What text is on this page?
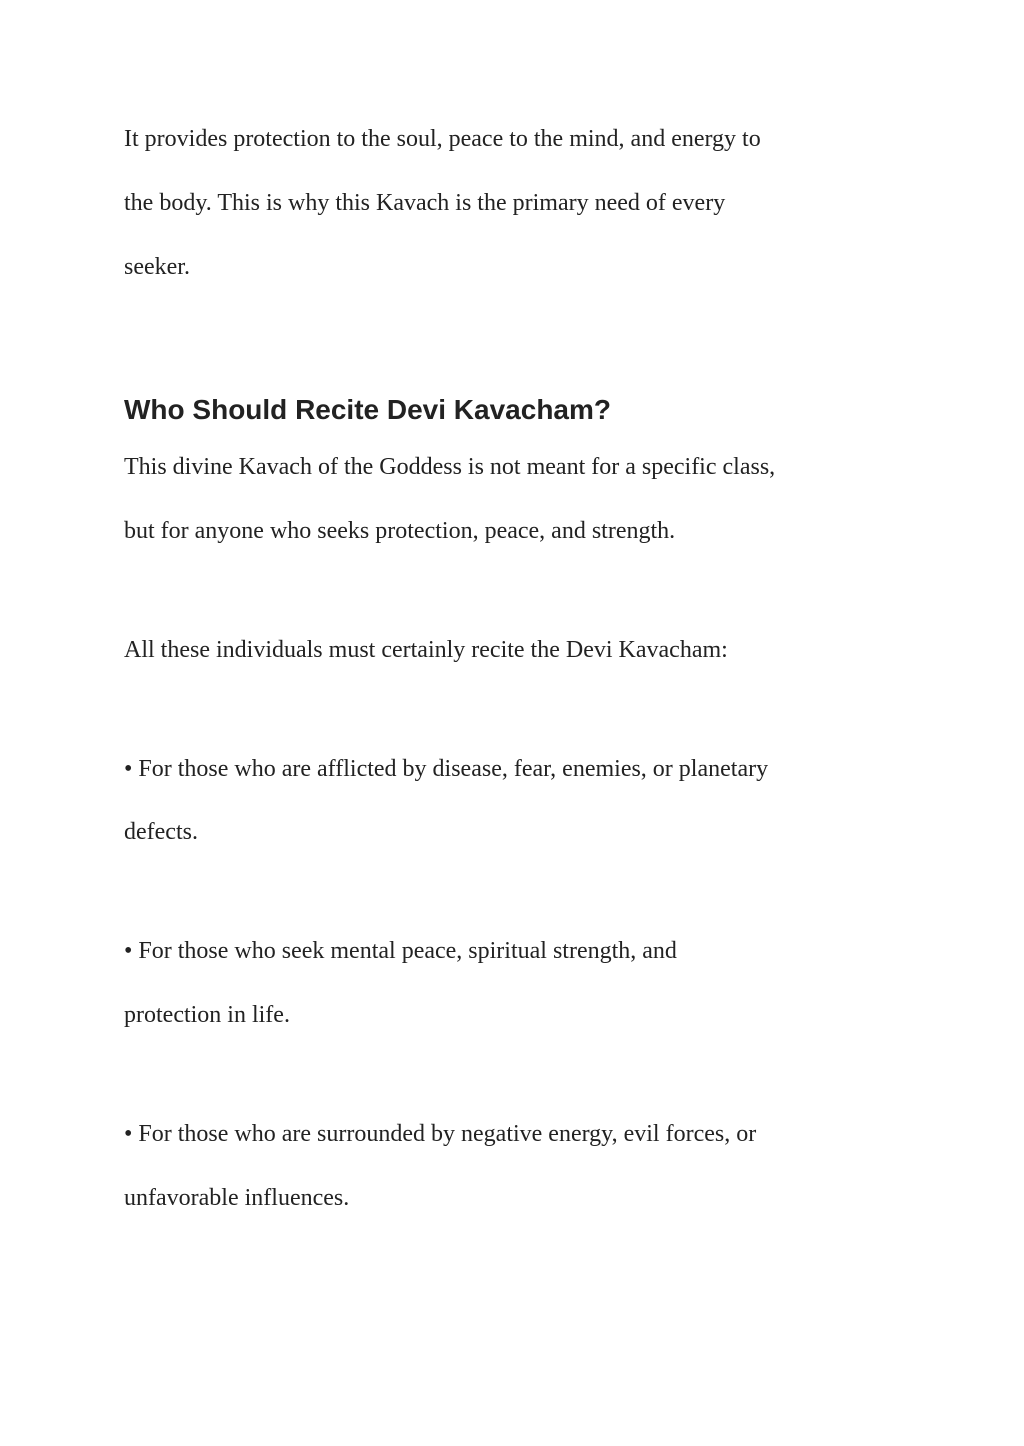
It provides protection to the soul, peace to the mind, and energy to

the body. This is why this Kavach is the primary need of every

seeker.

Who Should Recite Devi Kavacham?

This divine Kavach of the Goddess is not meant for a specific class,

but for anyone who seeks protection, peace, and strength.

All these individuals must certainly recite the Devi Kavacham:

• For those who are afflicted by disease, fear, enemies, or planetary

defects.

• For those who seek mental peace, spiritual strength, and

protection in life.

• For those who are surrounded by negative energy, evil forces, or

unfavorable influences.
